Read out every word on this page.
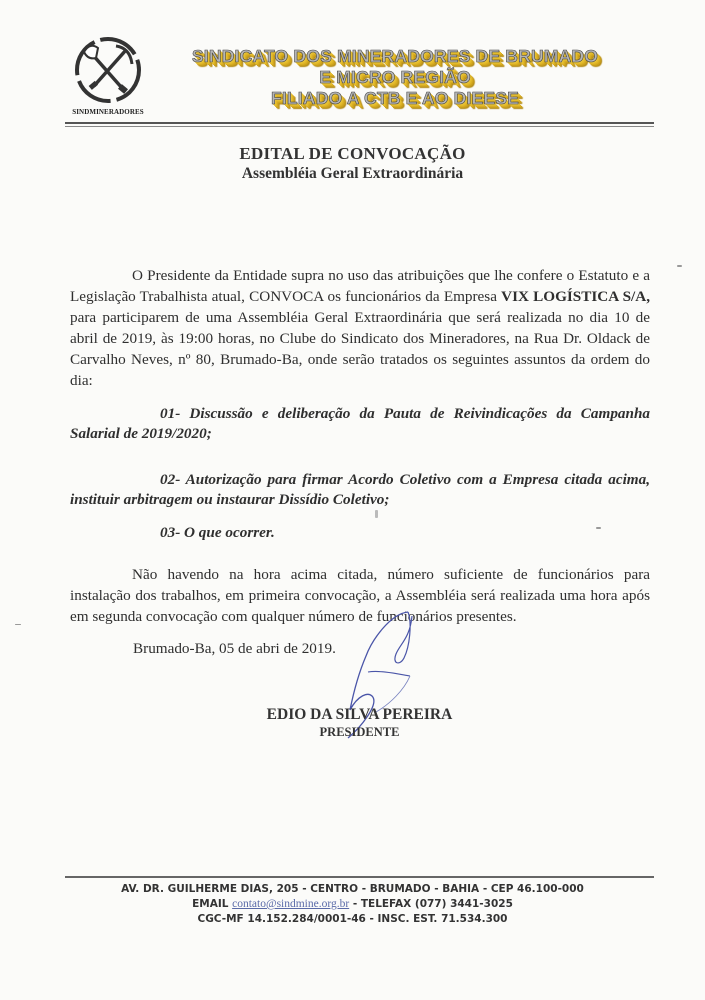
SINDMINERADORES
SINDICATO DOS MINERADORES DE BRUMADO
E MICRO REGIÃO
FILIADO A CTB E AO DIEESE
EDITAL DE CONVOCAÇÃO
Assembléia Geral Extraordinária
O Presidente da Entidade supra no uso das atribuições que lhe confere o Estatuto e a Legislação Trabalhista atual, CONVOCA os funcionários da Empresa VIX LOGÍSTICA S/A, para participarem de uma Assembléia Geral Extraordinária que será realizada no dia 10 de abril de 2019, às 19:00 horas, no Clube do Sindicato dos Mineradores, na Rua Dr. Oldack de Carvalho Neves, nº 80, Brumado-Ba, onde serão tratados os seguintes assuntos da ordem do dia:
01- Discussão e deliberação da Pauta de Reivindicações da Campanha Salarial de 2019/2020;
02- Autorização para firmar Acordo Coletivo com a Empresa citada acima, instituir arbitragem ou instaurar Dissídio Coletivo;
03- O que ocorrer.
Não havendo na hora acima citada, número suficiente de funcionários para instalação dos trabalhos, em primeira convocação, a Assembléia será realizada uma hora após em segunda convocação com qualquer número de funcionários presentes.
Brumado-Ba, 05 de abri de 2019.
EDIO DA SILVA PEREIRA
PRESIDENTE
AV. DR. GUILHERME DIAS, 205 - CENTRO - BRUMADO - BAHIA - CEP 46.100-000
EMAIL contato@sindmine.org.br - TELEFAX (077) 3441-3025
CGC-MF 14.152.284/0001-46 - INSC. EST. 71.534.300
